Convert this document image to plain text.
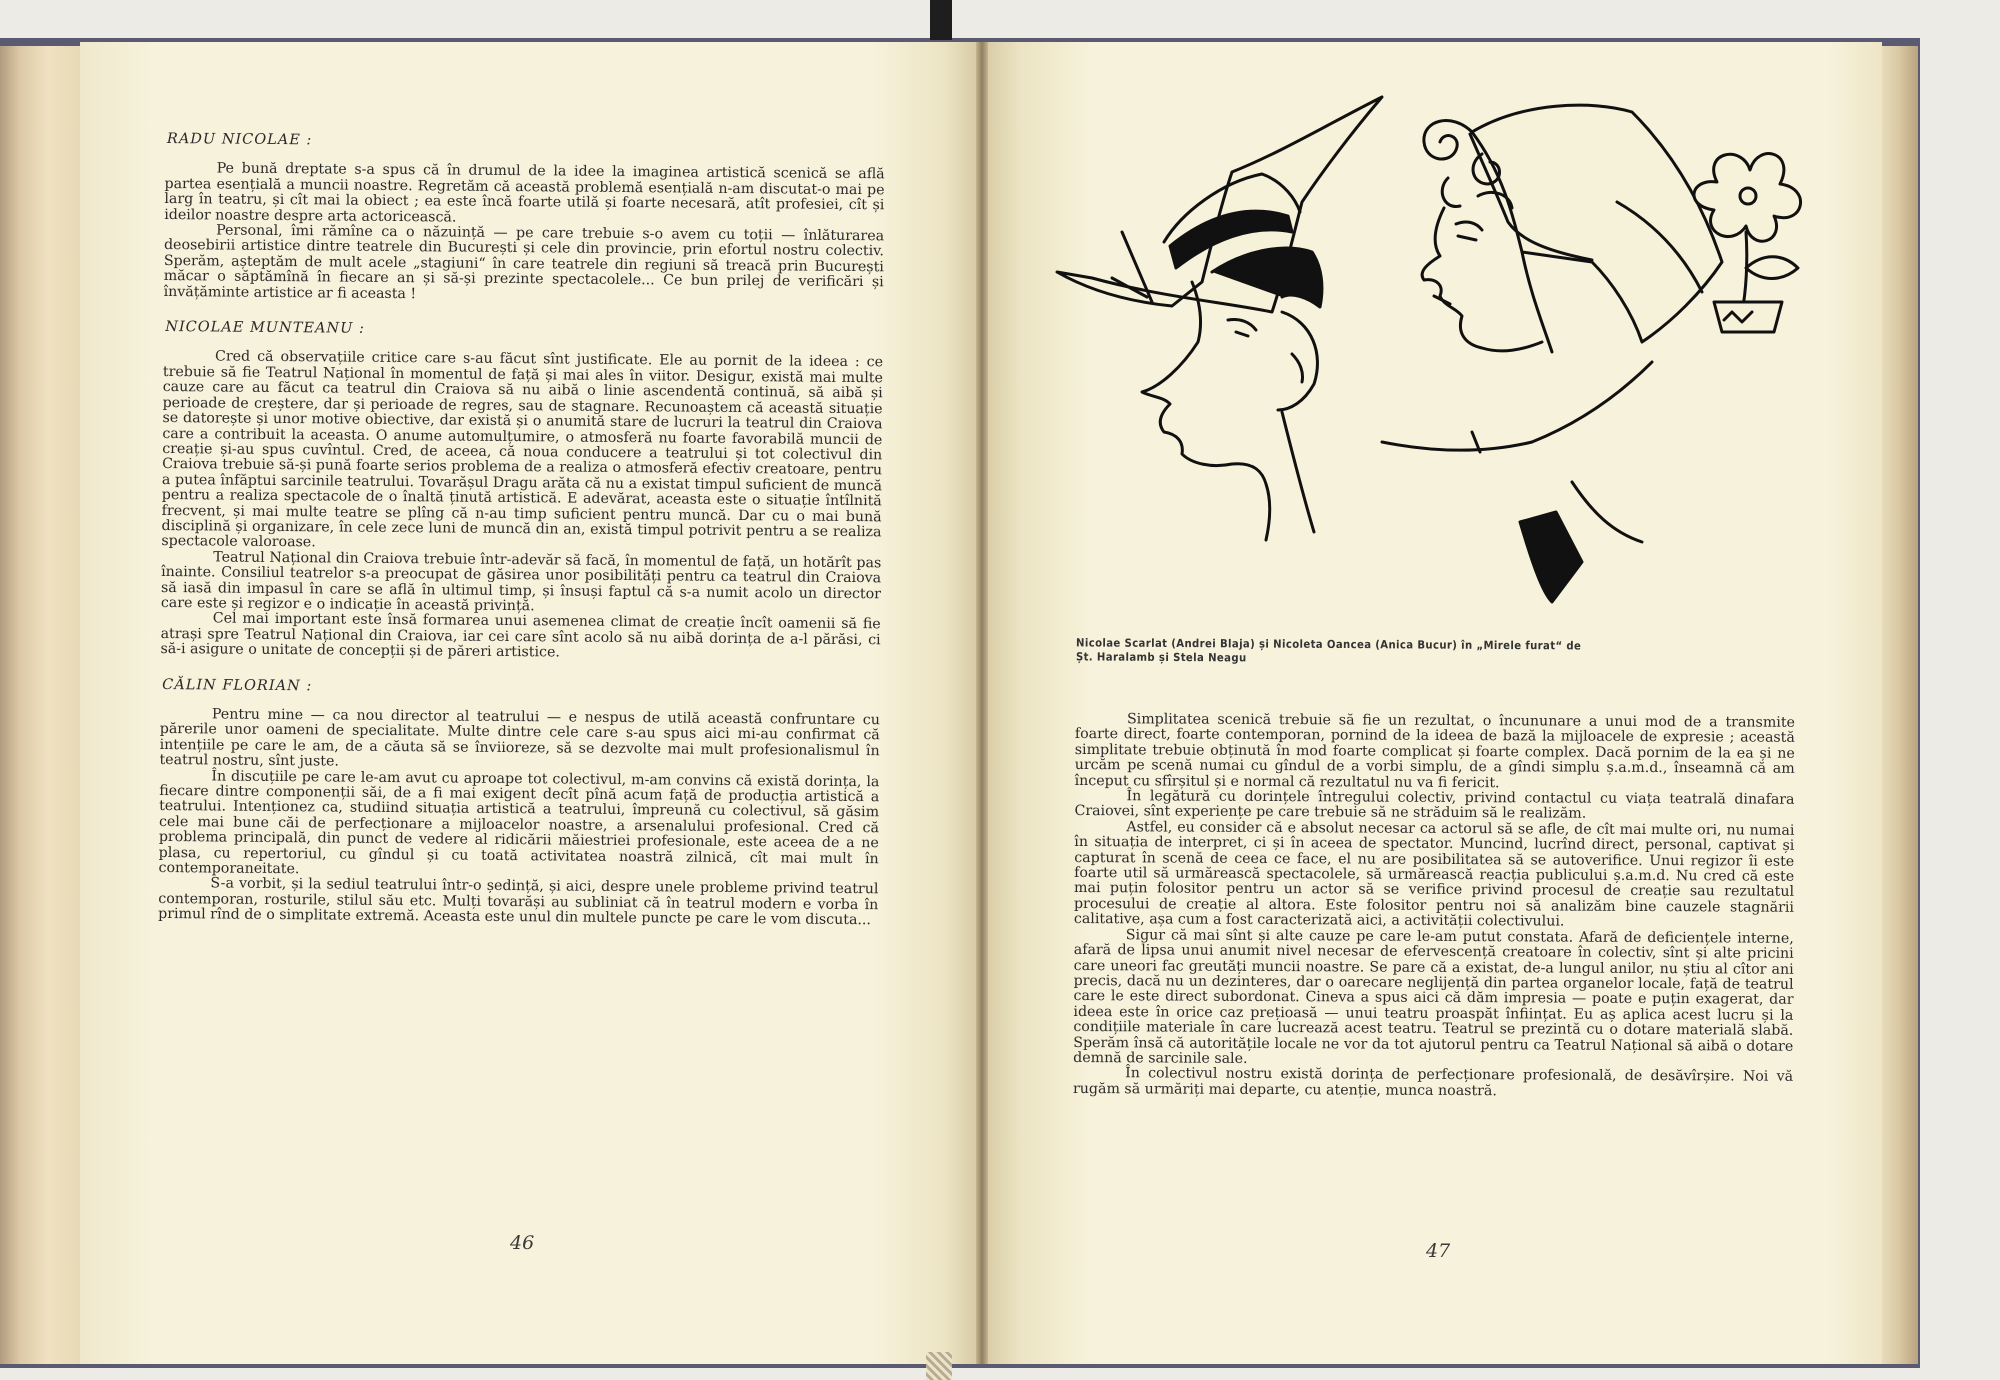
RADU NICOLAE :

Pe bună dreptate s-a spus că în drumul de la idee la imaginea artistică scenică se află partea esențială a muncii noastre. Regretăm că această problemă esențială n-am discutat-o mai pe larg în teatru, și cît mai la obiect ; ea este încă foarte utilă și foarte necesară, atît profesiei, cît și ideilor noastre despre arta actoricească.

Personal, îmi rămîne ca o năzuință — pe care trebuie s-o avem cu toții — înlăturarea deosebirii artistice dintre teatrele din București și cele din provincie, prin efortul nostru colectiv. Sperăm, așteptăm de mult acele „stagiuni“ în care teatrele din regiuni să treacă prin București măcar o săptămînă în fiecare an și să-și prezinte spectacolele... Ce bun prilej de verificări și învățăminte artistice ar fi aceasta !

NICOLAE MUNTEANU :

Cred că observațiile critice care s-au făcut sînt justificate. Ele au pornit de la ideea : ce trebuie să fie Teatrul Național în momentul de față și mai ales în viitor. Desigur, există mai multe cauze care au făcut ca teatrul din Craiova să nu aibă o linie ascendentă continuă, să aibă și perioade de creștere, dar și perioade de regres, sau de stagnare. Recunoaștem că această situație se datorește și unor motive obiective, dar există și o anumită stare de lucruri la teatrul din Craiova care a contribuit la aceasta. O anume automulțumire, o atmosferă nu foarte favorabilă muncii de creație și-au spus cuvîntul. Cred, de aceea, că noua conducere a teatrului și tot colectivul din Craiova trebuie să-și pună foarte serios problema de a realiza o atmosferă efectiv creatoare, pentru a putea înfăptui sarcinile teatrului. Tovarășul Dragu arăta că nu a existat timpul suficient de muncă pentru a realiza spectacole de o înaltă ținută artistică. E adevărat, aceasta este o situație întîlnită frecvent, și mai multe teatre se plîng că n-au timp suficient pentru muncă. Dar cu o mai bună disciplină și organizare, în cele zece luni de muncă din an, există timpul potrivit pentru a se realiza spectacole valoroase.

Teatrul Național din Craiova trebuie într-adevăr să facă, în momentul de față, un hotărît pas înainte. Consiliul teatrelor s-a preocupat de găsirea unor posibilități pentru ca teatrul din Craiova să iasă din impasul în care se află în ultimul timp, și însuși faptul că s-a numit acolo un director care este și regizor e o indicație în această privință.

Cel mai important este însă formarea unui asemenea climat de creație încît oamenii să fie atrași spre Teatrul Național din Craiova, iar cei care sînt acolo să nu aibă dorința de a-l părăsi, ci să-i asigure o unitate de concepții și de păreri artistice.

CĂLIN FLORIAN :

Pentru mine — ca nou director al teatrului — e nespus de utilă această confruntare cu părerile unor oameni de specialitate. Multe dintre cele care s-au spus aici mi-au confirmat că intențiile pe care le am, de a căuta să se înviioreze, să se dezvolte mai mult profesionalismul în teatrul nostru, sînt juste.

În discuțiile pe care le-am avut cu aproape tot colectivul, m-am convins că există dorința, la fiecare dintre componenții săi, de a fi mai exigent decît pînă acum față de producția artistică a teatrului. Intenționez ca, studiind situația artistică a teatrului, împreună cu colectivul, să găsim cele mai bune căi de perfecționare a mijloacelor noastre, a arsenalului profesional. Cred că problema principală, din punct de vedere al ridicării măiestriei profesionale, este aceea de a ne plasa, cu repertoriul, cu gîndul și cu toată activitatea noastră zilnică, cît mai mult în contemporaneitate.

S-a vorbit, și la sediul teatrului într-o ședință, și aici, despre unele probleme privind teatrul contemporan, rosturile, stilul său etc. Mulți tovarăși au subliniat că în teatrul modern e vorba în primul rînd de o simplitate extremă. Aceasta este unul din multele puncte pe care le vom discuta...

46
Nicolae Scarlat (Andrei Blaja) și Nicoleta Oancea (Anica Bucur) în „Mirele furat“ de Șt. Haralamb și Stela Neagu

Simplitatea scenică trebuie să fie un rezultat, o încununare a unui mod de a transmite foarte direct, foarte contemporan, pornind de la ideea de bază la mijloacele de expresie ; această simplitate trebuie obținută în mod foarte complicat și foarte complex. Dacă pornim de la ea și ne urcăm pe scenă numai cu gîndul de a vorbi simplu, de a gîndi simplu ș.a.m.d., înseamnă că am început cu sfîrșitul și e normal că rezultatul nu va fi fericit.

În legătură cu dorințele întregului colectiv, privind contactul cu viața teatrală dinafara Craiovei, sînt experiențe pe care trebuie să ne străduim să le realizăm.

Astfel, eu consider că e absolut necesar ca actorul să se afle, de cît mai multe ori, nu numai în situația de interpret, ci și în aceea de spectator. Muncind, lucrînd direct, personal, captivat și capturat în scenă de ceea ce face, el nu are posibilitatea să se autoverifice. Unui regizor îi este foarte util să urmărească spectacolele, să urmărească reacția publicului ș.a.m.d. Nu cred că este mai puțin folositor pentru un actor să se verifice privind procesul de creație sau rezultatul procesului de creație al altora. Este folositor pentru noi să analizăm bine cauzele stagnării calitative, așa cum a fost caracterizată aici, a activității colectivului.

Sigur că mai sînt și alte cauze pe care le-am putut constata. Afară de deficiențele interne, afară de lipsa unui anumit nivel necesar de efervescență creatoare în colectiv, sînt și alte pricini care uneori fac greutăți muncii noastre. Se pare că a existat, de-a lungul anilor, nu știu al cîtor ani precis, dacă nu un dezinteres, dar o oarecare neglijență din partea organelor locale, față de teatrul care le este direct subordonat. Cineva a spus aici că dăm impresia — poate e puțin exagerat, dar ideea este în orice caz prețioasă — unui teatru proaspăt înființat. Eu aș aplica acest lucru și la condițiile materiale în care lucrează acest teatru. Teatrul se prezintă cu o dotare materială slabă. Sperăm însă că autoritățile locale ne vor da tot ajutorul pentru ca Teatrul Național să aibă o dotare demnă de sarcinile sale.

În colectivul nostru există dorința de perfecționare profesională, de desăvîrșire. Noi vă rugăm să urmăriți mai departe, cu atenție, munca noastră.

47
